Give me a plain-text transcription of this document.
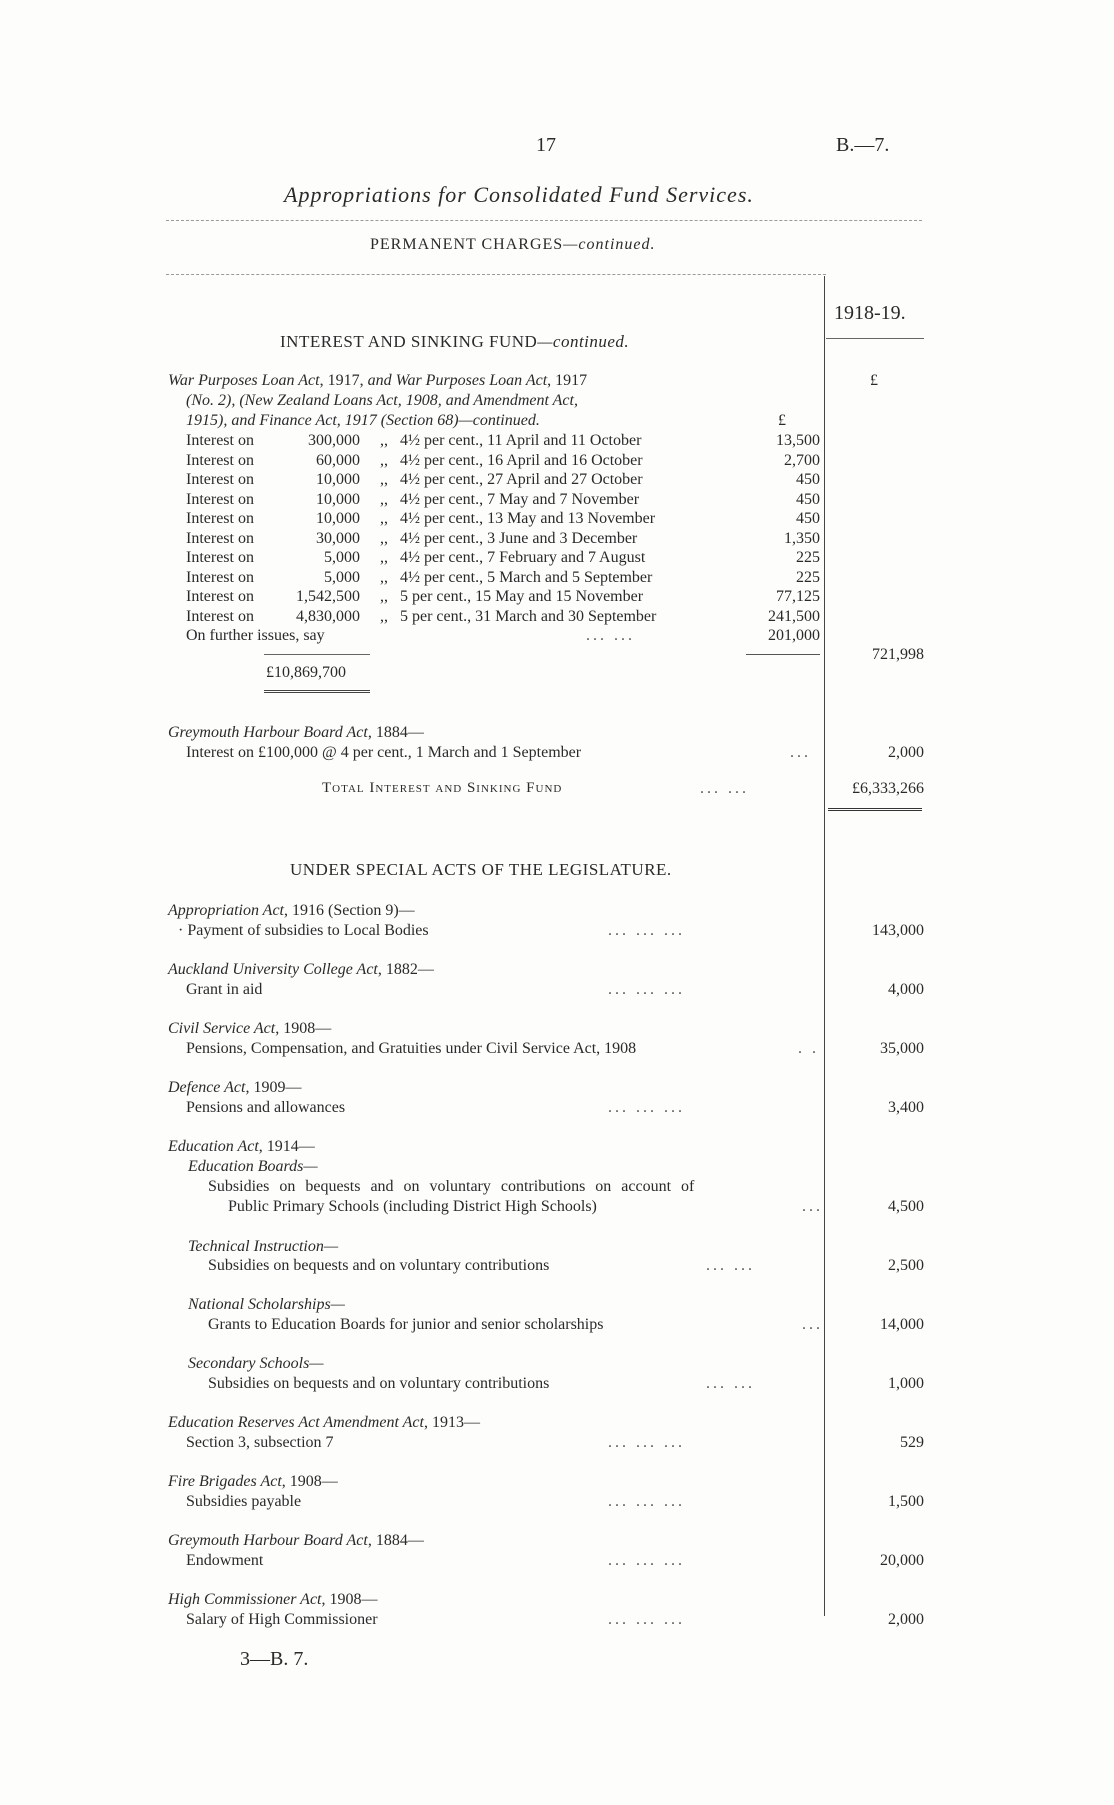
17	B.—7.
Appropriations for Consolidated Fund Services.
PERMANENT CHARGES—continued.
1918-19.
£
INTEREST AND SINKING FUND—continued.
War Purposes Loan Act, 1917, and War Purposes Loan Act, 1917
(No. 2), (New Zealand Loans Act, 1908, and Amendment Act,
1915), and Finance Act, 1917 (Section 68)—continued.	£
Interest on	300,000 ,, 4½ per cent., 11 April and 11 October	13,500
Interest on	60,000 ,, 4½ per cent., 16 April and 16 October	2,700
Interest on	10,000 ,, 4½ per cent., 27 April and 27 October	450
Interest on	10,000 ,, 4½ per cent., 7 May and 7 November	450
Interest on	10,000 ,, 4½ per cent., 13 May and 13 November	450
Interest on	30,000 ,, 4½ per cent., 3 June and 3 December	1,350
Interest on	5,000 ,, 4½ per cent., 7 February and 7 August	225
Interest on	5,000 ,, 4½ per cent., 5 March and 5 September	225
Interest on	1,542,500 ,, 5 per cent., 15 May and 15 November	77,125
Interest on	4,830,000 ,, 5 per cent., 31 March and 30 September	241,500
On further issues, say	... ...	201,000
£10,869,700
721,998
Greymouth Harbour Board Act, 1884—
Interest on £100,000 @ 4 per cent., 1 March and 1 September	...	2,000
Total Interest and Sinking Fund	... ...	£6,333,266
UNDER SPECIAL ACTS OF THE LEGISLATURE.
Appropriation Act, 1916 (Section 9)—
· Payment of subsidies to Local Bodies	... ... ...	143,000
Auckland University College Act, 1882—
Grant in aid	... ... ...	4,000
Civil Service Act, 1908—
Pensions, Compensation, and Gratuities under Civil Service Act, 1908	. .	35,000
Defence Act, 1909—
Pensions and allowances	... ... ...	3,400
Education Act, 1914—
Education Boards—
Subsidies on bequests and on voluntary contributions on account of
Public Primary Schools (including District High Schools)	...	4,500
Technical Instruction—
Subsidies on bequests and on voluntary contributions	... ...	2,500
National Scholarships—
Grants to Education Boards for junior and senior scholarships	...	14,000
Secondary Schools—
Subsidies on bequests and on voluntary contributions	... ...	1,000
Education Reserves Act Amendment Act, 1913—
Section 3, subsection 7	... ... ...	529
Fire Brigades Act, 1908—
Subsidies payable	... ... ...	1,500
Greymouth Harbour Board Act, 1884—
Endowment	... ... ...	20,000
High Commissioner Act, 1908—
Salary of High Commissioner	... ... ...	2,000
3—B. 7.
